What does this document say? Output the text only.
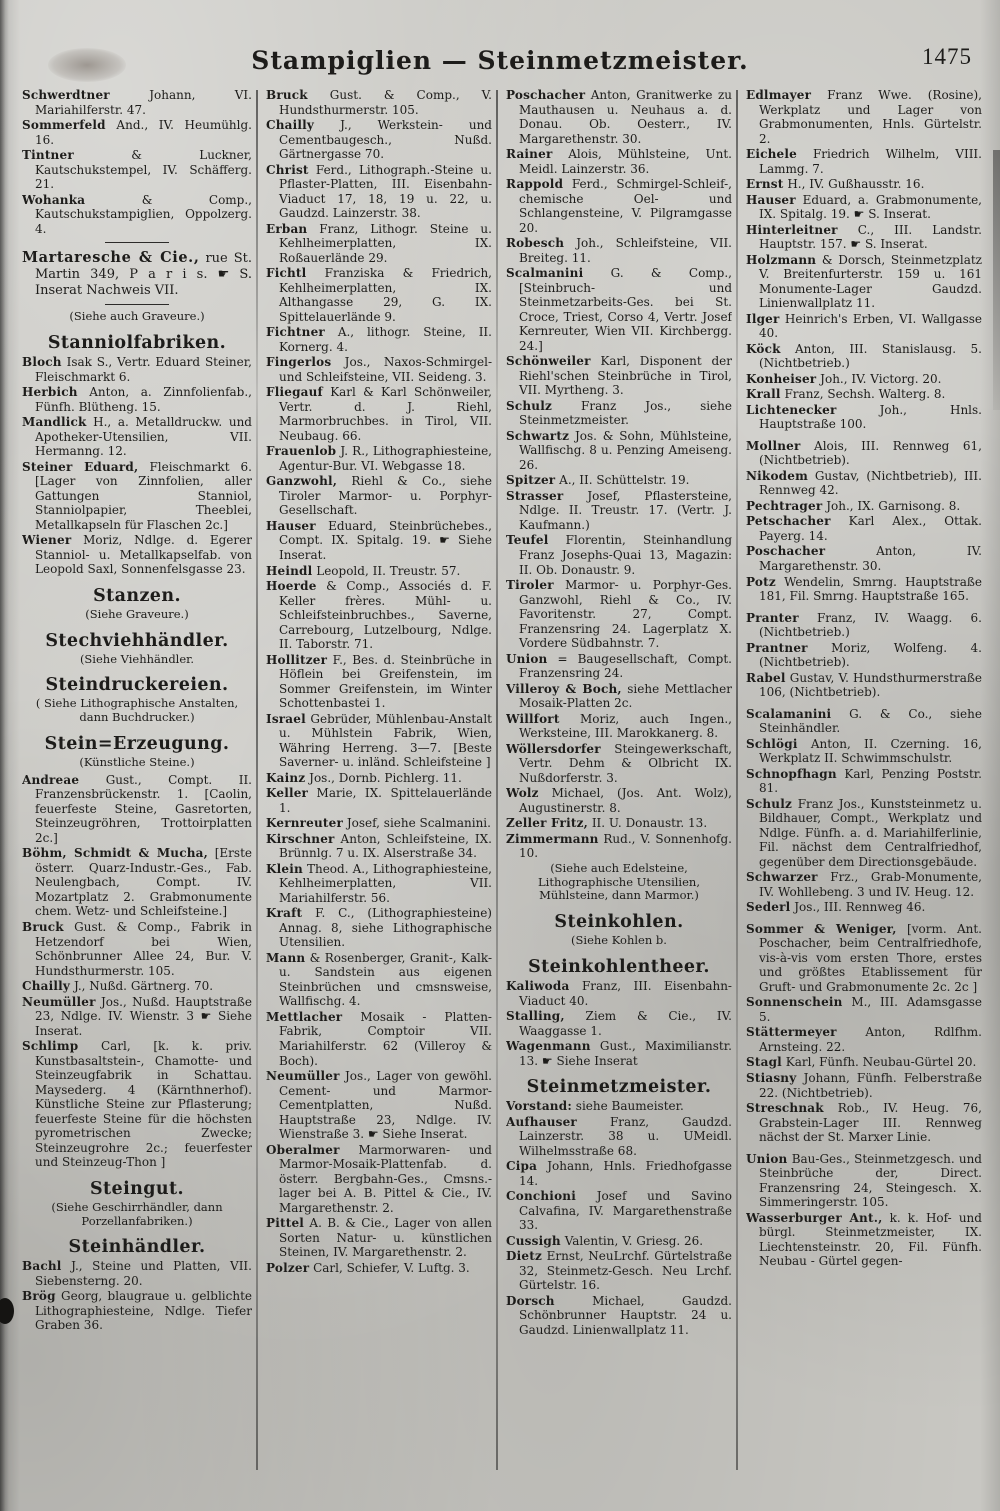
Stampiglien — Steinmetzmeister.	1475

Schwerdtner	Johann, VI. Mariahilferstr. 47.

Sommerfeld And., IV. Heumühlg. 16.

Tintner	& Luckner, Kautschukstempel, IV. Schäfferg. 21.

Wohanka	& Comp., Kautschukstampiglien, Oppolzerg. 4.

Martaresche & Cie., rue St. Martin 349, P a r i s. ☛ S. Inserat Nachweis VII.

(Siehe auch Graveure.)
Stanniolfabriken.

Bloch Isak S., Vertr. Eduard Steiner, Fleischmarkt 6.

Herbich Anton, a. Zinnfolienfab., Fünfh. Blütheng. 15.

Mandlick H., a. Metalldruckw. und Apotheker-Utensilien, VII. Hermanng. 12.

Steiner Eduard, Fleischmarkt 6. [Lager von Zinnfolien, aller Gattungen Stanniol, Stanniolpapier, Theeblei, Metallkapseln für Flaschen 2c.]

Wiener Moriz, Ndlge. d. Egerer Stanniol- u. Metallkapselfab. von Leopold Saxl, Sonnenfelsgasse 23.

Stanzen.
(Siehe Graveure.)
Stechviehhändler.
(Siehe Viehhändler.
Steindruckereien.
( Siehe Lithographische Anstalten, dann Buchdrucker.)
Stein=Erzeugung.
(Künstliche Steine.)

Andreae Gust., Compt. II. Franzensbrückenstr. 1. [Caolin, feuerfeste Steine, Gasretorten, Steinzeugröhren, Trottoirplatten 2c.]

Böhm, Schmidt & Mucha, [Erste österr. Quarz-Industr.-Ges., Fab. Neulengbach, Compt. IV. Mozartplatz 2. Grabmonumente chem. Wetz- und Schleifsteine.]

Bruck Gust. & Comp., Fabrik in Hetzendorf bei Wien, Schönbrunner Allee 24, Bur. V. Hundsthurmerstr. 105.

Chailly J., Nußd. Gärtnerg. 70.

Neumüller Jos., Nußd. Hauptstraße 23, Ndlge. IV. Wienstr. 3 ☛ Siehe Inserat.

Schlimp Carl, [k. k. priv. Kunstbasaltstein-, Chamotte- und Steinzeugfabrik in Schattau. Maysederg. 4 (Kärnthnerhof). Künstliche Steine zur Pflasterung; feuerfeste Steine für die höchsten pyrometrischen Zwecke; Steinzeugrohre 2c.; feuerfester und Steinzeug-Thon ]

Steingut.
(Siehe Geschirrhändler, dann Porzellanfabriken.)
Steinhändler.

Bachl J., Steine und Platten, VII. Siebensterng. 20.

Brög Georg, blaugraue u. gelblichte Lithographiesteine, Ndlge. Tiefer Graben 36.

Bruck Gust. & Comp., V. Hundsthurmerstr. 105.

Chailly J., Werkstein- und Cementbaugesch., Nußd. Gärtnergasse 70.

Christ Ferd., Lithograph.-Steine u. Pflaster-Platten, III. Eisenbahn-Viaduct 17, 18, 19 u. 22, u. Gaudzd. Lainzerstr. 38.

Erban Franz, Lithogr. Steine u. Kehlheimerplatten, IX. Roßauerlände 29.

Fichtl Franziska & Friedrich, Kehlheimerplatten, IX. Althangasse 29, G. IX. Spittelauerlände 9.

Fichtner A., lithogr. Steine, II. Kornerg. 4.

Fingerlos Jos., Naxos-Schmirgel- und Schleifsteine, VII. Seideng. 3.

Fliegauf Karl & Karl Schönweiler, Vertr. d. J. Riehl, Marmorbruchbes. in Tirol, VII. Neubaug. 66.

Frauenlob J. R., Lithographiesteine, Agentur-Bur. VI. Webgasse 18.

Ganzwohl, Riehl & Co., siehe Tiroler Marmor- u. Porphyr-Gesellschaft.

Hauser Eduard, Steinbrüchebes., Compt. IX. Spitalg. 19. ☛ Siehe Inserat.

Heindl Leopold, II. Treustr. 57.

Hoerde & Comp., Associés d. F. Keller frères. Mühl- u. Schleifsteinbruchbes., Saverne, Carrebourg, Lutzelbourg, Ndlge. II. Taborstr. 71.

Hollitzer F., Bes. d. Steinbrüche in Höflein bei Greifenstein, im Sommer Greifenstein, im Winter Schottenbastei 1.

Israel Gebrüder, Mühlenbau-Anstalt u. Mühlstein Fabrik, Wien, Währing Herreng. 3—7. [Beste Saverner- u. inländ. Schleifsteine ]

Kainz Jos., Dornb. Pichlerg. 11.

Keller Marie, IX. Spittelauerlände 1.

Kernreuter Josef, siehe Scalmanini.

Kirschner Anton, Schleifsteine, IX. Brünnlg. 7 u. IX. Alserstraße 34.

Klein Theod. A., Lithographiesteine, Kehlheimerplatten, VII. Mariahilferstr. 56.

Kraft F. C., (Lithographiesteine) Annag. 8, siehe Lithographische Utensilien.

Mann & Rosenberger, Granit-, Kalk- u. Sandstein aus eigenen Steinbrüchen und cmsnsweise, Wallfischg. 4.

Mettlacher Mosaik - Platten-Fabrik, Comptoir VII. Mariahilferstr. 62 (Villeroy & Boch).

Neumüller Jos., Lager von gewöhl. Cement- und Marmor-Cementplatten, Nußd. Hauptstraße 23, Ndlge. IV. Wienstraße 3. ☛ Siehe Inserat.

Oberalmer Marmorwaren- und Marmor-Mosaik-Plattenfab. d. österr. Bergbahn-Ges., Cmsns.-lager bei A. B. Pittel & Cie., IV. Margarethenstr. 2.

Pittel A. B. & Cie., Lager von allen Sorten Natur- u. künstlichen Steinen, IV. Margarethenstr. 2.

Polzer Carl, Schiefer, V. Luftg. 3.

Poschacher Anton, Granitwerke zu Mauthausen u. Neuhaus a. d. Donau. Ob. Oesterr., IV. Margarethenstr. 30.

Rainer Alois, Mühlsteine, Unt. Meidl. Lainzerstr. 36.

Rappold Ferd., Schmirgel-Schleif-, chemische Oel- und Schlangensteine, V. Pilgramgasse 20.

Robesch Joh., Schleifsteine, VII. Breiteg. 11.

Scalmanini G. & Comp., [Steinbruch- und Steinmetzarbeits-Ges. bei St. Croce, Triest, Corso 4, Vertr. Josef Kernreuter, Wien VII. Kirchbergg. 24.]

Schönweiler Karl, Disponent der Riehl'schen Steinbrüche in Tirol, VII. Myrtheng. 3.

Schulz Franz Jos., siehe Steinmetzmeister.

Schwartz Jos. & Sohn, Mühlsteine, Wallfischg. 8 u. Penzing Ameiseng. 26.

Spitzer A., II. Schüttelstr. 19.

Strasser Josef, Pflastersteine, Ndlge. II. Treustr. 17. (Vertr. J. Kaufmann.)

Teufel Florentin, Steinhandlung Franz Josephs-Quai 13, Magazin: II. Ob. Donaustr. 9.

Tiroler Marmor- u. Porphyr-Ges. Ganzwohl, Riehl & Co., IV. Favoritenstr. 27, Compt. Franzensring 24. Lagerplatz X. Vordere Südbahnstr. 7.

Union = Baugesellschaft, Compt. Franzensring 24.

Villeroy & Boch, siehe Mettlacher Mosaik-Platten 2c.

Willfort Moriz, auch Ingen., Werksteine, III. Marokkanerg. 8.

Wöllersdorfer Steingewerkschaft, Vertr. Dehm & Olbricht IX. Nußdorferstr. 3.

Wolz Michael, (Jos. Ant. Wolz), Augustinerstr. 8.

Zeller Fritz, II. U. Donaustr. 13.

Zimmermann Rud., V. Sonnenhofg. 10.

(Siehe auch Edelsteine, Lithographische Utensilien, Mühlsteine, dann Marmor.)
Steinkohlen.
(Siehe Kohlen b.
Steinkohlentheer.

Kaliwoda Franz, III. Eisenbahn-Viaduct 40.

Stalling, Ziem & Cie., IV. Waaggasse 1.

Wagenmann Gust., Maximilianstr. 13. ☛ Siehe Inserat

Steinmetzmeister.

Vorstand: siehe Baumeister.

Aufhauser	Franz, Gaudzd. Lainzerstr. 38 u. UMeidl. Wilhelmsstraße 68.

Cipa Johann, Hnls. Friedhofgasse 14.

Conchioni Josef und Savino Calvafina, IV. Margarethenstraße 33.

Cussigh Valentin, V. Griesg. 26.

Dietz Ernst, NeuLrchf. Gürtelstraße 32, Steinmetz-Gesch. Neu Lrchf. Gürtelstr. 16.

Dorsch	Michael, Gaudzd. Schönbrunner Hauptstr. 24 u. Gaudzd. Linienwallplatz 11.

Edlmayer Franz Wwe. (Rosine), Werkplatz und Lager von Grabmonumenten, Hnls. Gürtelstr. 2.

Eichele Friedrich Wilhelm, VIII. Lammg. 7.

Ernst H., IV. Gußhausstr. 16.

Hauser Eduard, a. Grabmonumente, IX. Spitalg. 19. ☛ S. Inserat.

Hinterleitner C., III. Landstr. Hauptstr. 157. ☛ S. Inserat.

Holzmann & Dorsch, Steinmetzplatz V. Breitenfurterstr. 159 u. 161 Monumente-Lager Gaudzd. Linienwallplatz 11.

Ilger Heinrich's Erben, VI. Wallgasse 40.

Köck Anton, III. Stanislausg. 5. (Nichtbetrieb.)

Konheiser Joh., IV. Victorg. 20.

Krall Franz, Sechsh. Walterg. 8.

Lichtenecker	Joh., Hnls. Hauptstraße 100.

Mollner Alois, III. Rennweg 61, (Nichtbetrieb).

Nikodem Gustav, (Nichtbetrieb), III. Rennweg 42.

Pechtrager Joh., IX. Garnisong. 8.

Petschacher Karl Alex., Ottak. Payerg. 14.

Poschacher	Anton, IV. Margarethenstr. 30.

Potz Wendelin, Smrng. Hauptstraße 181, Fil. Smrng. Hauptstraße 165.

Pranter Franz, IV. Waagg. 6. (Nichtbetrieb.)

Prantner Moriz, Wolfeng. 4. (Nichtbetrieb).

Rabel Gustav, V. Hundsthurmerstraße 106, (Nichtbetrieb).

Scalamanini G. & Co., siehe Steinhändler.

Schlögi Anton, II. Czerning. 16, Werkplatz II. Schwimmschulstr.

Schnopfhagn Karl, Penzing Poststr. 81.

Schulz Franz Jos., Kunststeinmetz u. Bildhauer, Compt., Werkplatz und Ndlge. Fünfh. a. d. Mariahilferlinie, Fil. nächst dem Centralfriedhof, gegenüber dem Directionsgebäude.

Schwarzer Frz., Grab-Monumente, IV. Wohllebeng. 3 und IV. Heug. 12.

Sederl Jos., III. Rennweg 46.

Sommer & Weniger, [vorm. Ant. Poschacher, beim Centralfriedhofe, vis-à-vis vom ersten Thore, erstes und größtes Etablissement für Gruft- und Grabmonumente 2c. 2c ]

Sonnenschein M., III. Adamsgasse 5.

Stättermeyer Anton, Rdlfhm. Arnsteing. 22.

Stagl Karl, Fünfh. Neubau-Gürtel 20.

Stiasny Johann, Fünfh. Felberstraße 22. (Nichtbetrieb).

Streschnak Rob., IV. Heug. 76, Grabstein-Lager III. Rennweg nächst der St. Marxer Linie.

Union Bau-Ges., Steinmetzgesch. und Steinbrüche der, Direct. Franzensring 24, Steingesch. X. Simmeringerstr. 105.

Wasserburger Ant., k. k. Hof- und bürgl. Steinmetzmeister, IX. Liechtensteinstr. 20, Fil. Fünfh. Neubau - Gürtel gegen-
